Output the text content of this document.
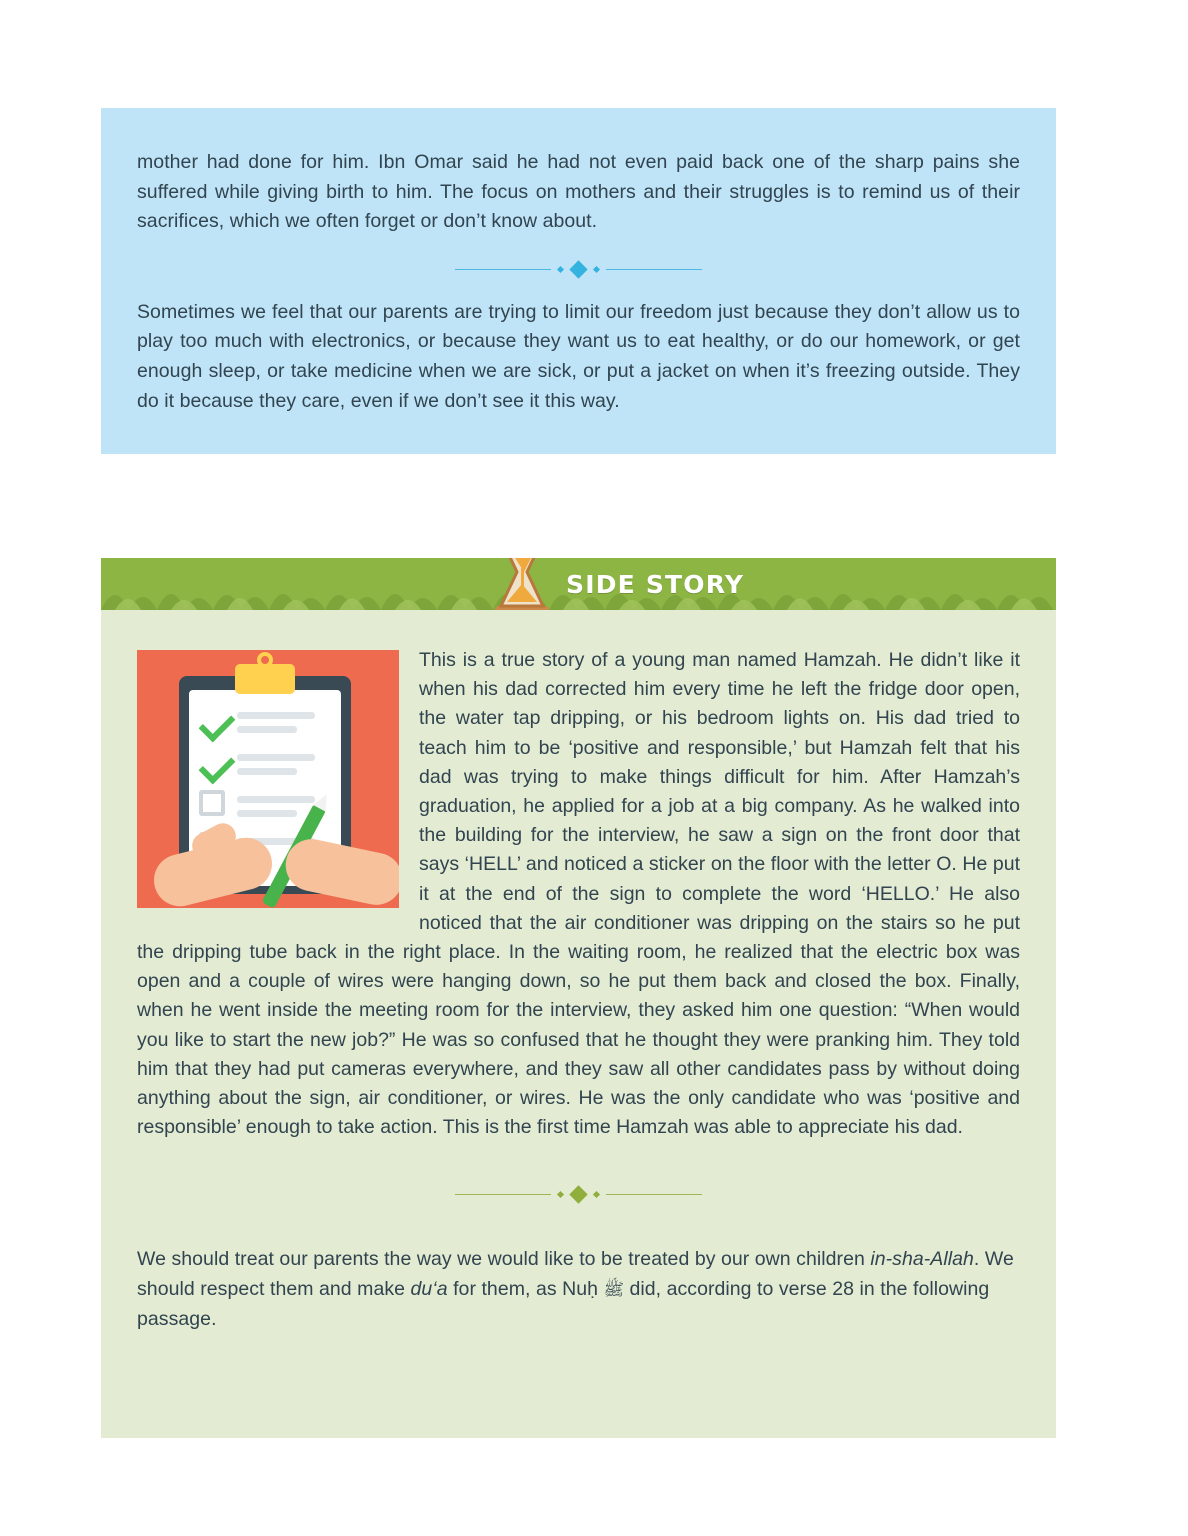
mother had done for him. Ibn Omar said he had not even paid back one of the sharp pains she suffered while giving birth to him. The focus on mothers and their struggles is to remind us of their sacrifices, which we often forget or don’t know about.

Sometimes we feel that our parents are trying to limit our freedom just because they don’t allow us to play too much with electronics, or because they want us to eat healthy, or do our homework, or get enough sleep, or take medicine when we are sick, or put a jacket on when it’s freezing outside. They do it because they care, even if we don’t see it this way.

SIDE STORY

This is a true story of a young man named Hamzah. He didn’t like it when his dad corrected him every time he left the fridge door open, the water tap dripping, or his bedroom lights on. His dad tried to teach him to be ‘positive and responsible,’ but Hamzah felt that his dad was trying to make things difficult for him. After Hamzah’s graduation, he applied for a job at a big company. As he walked into the building for the interview, he saw a sign on the front door that says ‘HELL’ and noticed a sticker on the floor with the letter O. He put it at the end of the sign to complete the word ‘HELLO.’ He also noticed that the air conditioner was dripping on the stairs so he put the dripping tube back in the right place. In the waiting room, he realized that the electric box was open and a couple of wires were hanging down, so he put them back and closed the box. Finally, when he went inside the meeting room for the interview, they asked him one question: “When would you like to start the new job?” He was so confused that he thought they were pranking him. They told him that they had put cameras everywhere, and they saw all other candidates pass by without doing anything about the sign, air conditioner, or wires. He was the only candidate who was ‘positive and responsible’ enough to take action. This is the first time Hamzah was able to appreciate his dad.

We should treat our parents the way we would like to be treated by our own children in-sha-Allah. We should respect them and make du‘a for them, as Nuḥ ﷺ did, according to verse 28 in the following passage.
